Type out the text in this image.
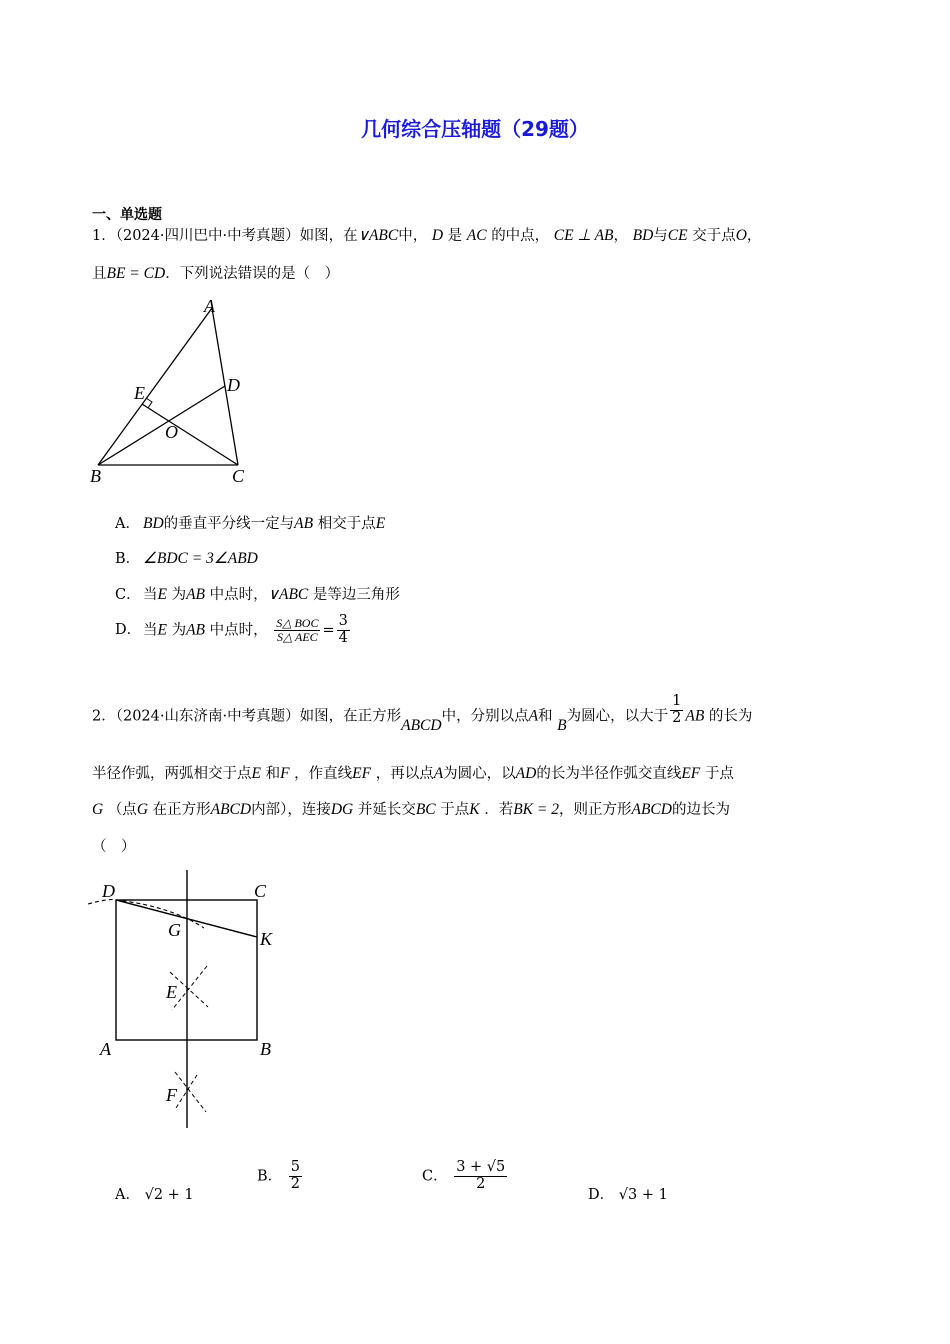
几何综合压轴题（29题）
一、单选题
1．（2024·四川巴中·中考真题）如图，在∨ABC中， D 是 AC 的中点， CE ⊥ AB， BD与CE 交于点O，
且BE = CD．下列说法错误的是（　）
A
B	C
D
E
O
A． BD的垂直平分线一定与AB 相交于点E
B． ∠BDC = 3∠ABD
C． 当E 为AB 中点时，∨ABC 是等边三角形
D． 当E 为AB 中点时， $\frac{\text{S△ BOC}}{\text{S△ AEC}} = \frac{3}{4}$
2．（2024·山东济南·中考真题）如图，在正方形ABCD中，分别以点A和 B为圆心，以大于 $\frac{1}{2}$ AB 的长为
半径作弧，两弧相交于点E 和F ，作直线EF ，再以点A为圆心，以AD的长为半径作弧交直线EF 于点
G （点G 在正方形ABCD内部），连接DG 并延长交BC 于点K ．若BK = 2，则正方形ABCD的边长为
（　）
D	C
A	B
G	K
E
F
A． √2 + 1
B． $\frac{5}{2}$	C． $\frac{3 + √5}{2}$
D． √3 + 1
